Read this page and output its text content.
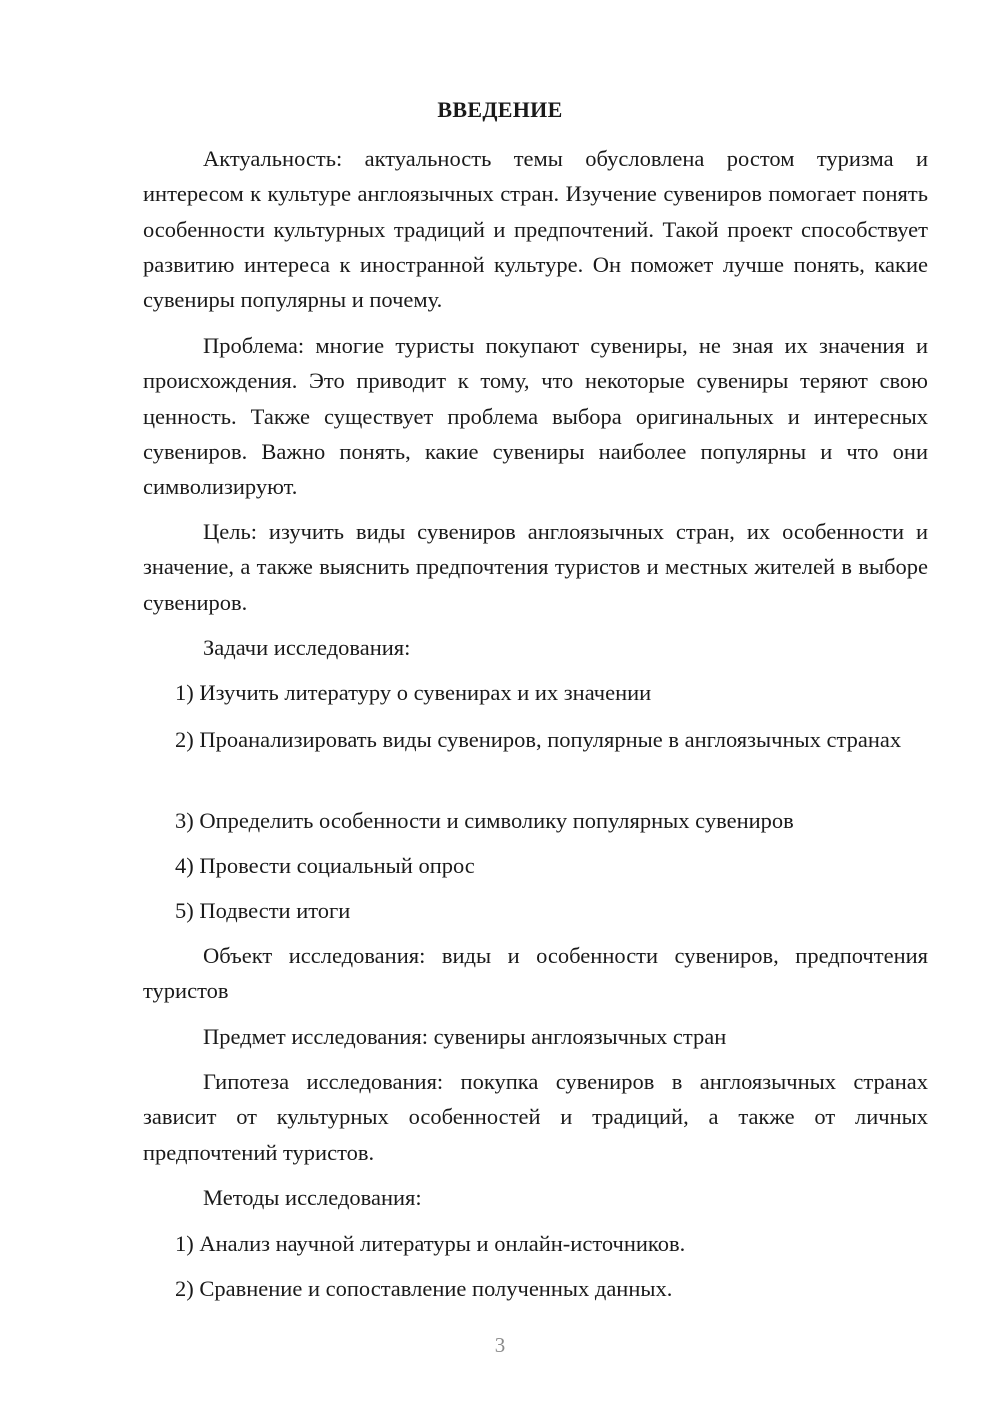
ВВЕДЕНИЕ

Актуальность: актуальность темы обусловлена ростом туризма и интересом к культуре англоязычных стран. Изучение сувениров помогает понять особенности культурных традиций и предпочтений. Такой проект способствует развитию интереса к иностранной культуре. Он поможет лучше понять, какие сувениры популярны и почему.

Проблема: многие туристы покупают сувениры, не зная их значения и происхождения. Это приводит к тому, что некоторые сувениры теряют свою ценность. Также существует проблема выбора оригинальных и интересных сувениров. Важно понять, какие сувениры наиболее популярны и что они символизируют.

Цель: изучить виды сувениров англоязычных стран, их особенности и значение, а также выяснить предпочтения туристов и местных жителей в выборе сувениров.

Задачи исследования:

1) Изучить литературу о сувенирах и их значении

2) Проанализировать виды сувениров, популярные в англоязычных странах

3) Определить особенности и символику популярных сувениров

4) Провести социальный опрос

5) Подвести итоги

Объект исследования: виды и особенности сувениров, предпочтения туристов

Предмет исследования: сувениры англоязычных стран

Гипотеза исследования: покупка сувениров в англоязычных странах зависит от культурных особенностей и традиций, а также от личных предпочтений туристов.

Методы исследования:

1) Анализ научной литературы и онлайн-источников.

2) Сравнение и сопоставление полученных данных.

3
